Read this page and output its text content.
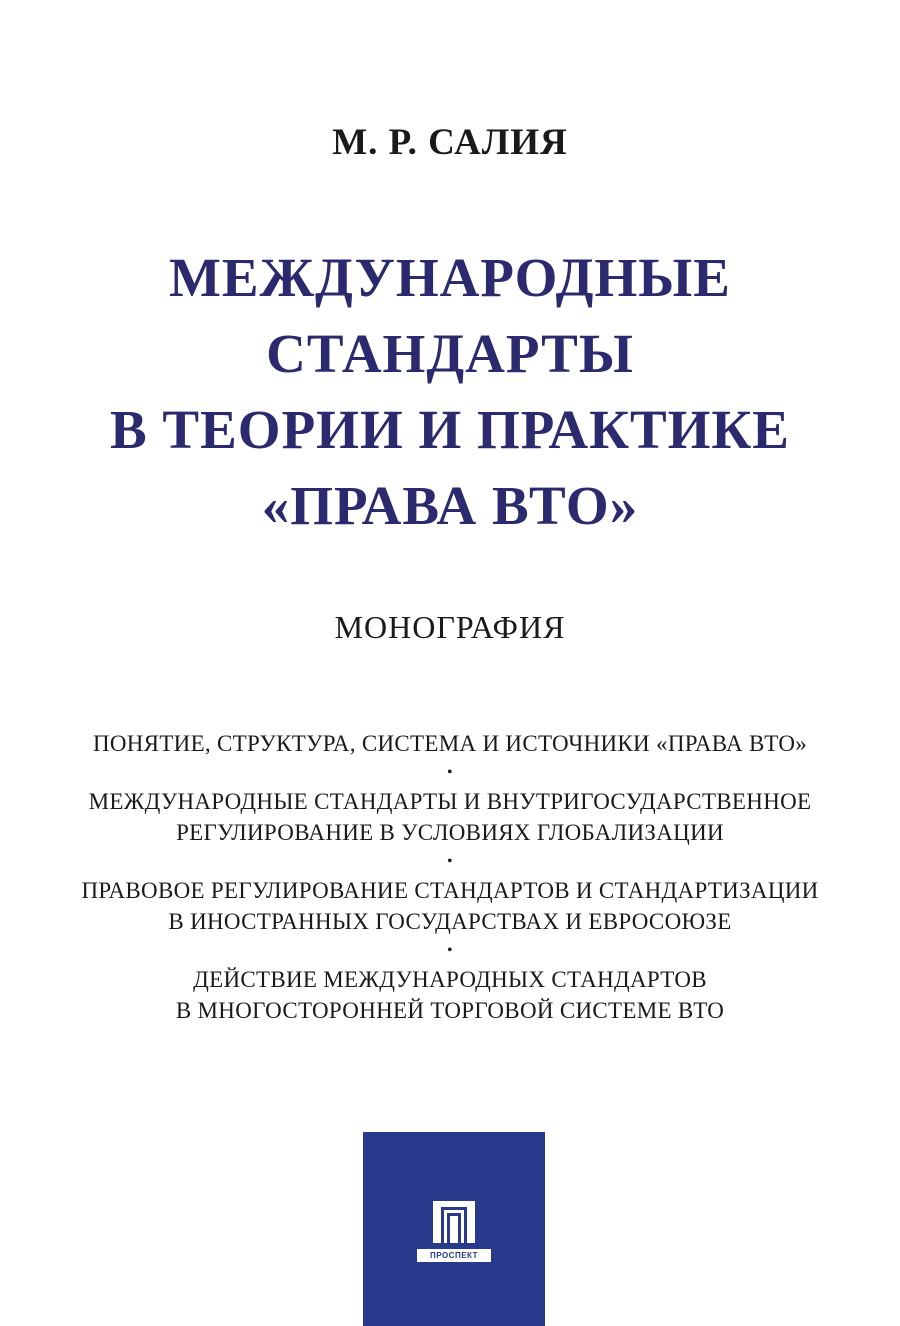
М. Р. САЛИЯ
МЕЖДУНАРОДНЫЕ
СТАНДАРТЫ
В ТЕОРИИ И ПРАКТИКЕ
«ПРАВА ВТО»
МОНОГРАФИЯ
ПОНЯТИЕ, СТРУКТУРА, СИСТЕМА И ИСТОЧНИКИ «ПРАВА ВТО»
•
МЕЖДУНАРОДНЫЕ СТАНДАРТЫ И ВНУТРИГОСУДАРСТВЕННОЕ
РЕГУЛИРОВАНИЕ В УСЛОВИЯХ ГЛОБАЛИЗАЦИИ
•
ПРАВОВОЕ РЕГУЛИРОВАНИЕ СТАНДАРТОВ И СТАНДАРТИЗАЦИИ
В ИНОСТРАННЫХ ГОСУДАРСТВАХ И ЕВРОСОЮЗЕ
•
ДЕЙСТВИЕ МЕЖДУНАРОДНЫХ СТАНДАРТОВ
В МНОГОСТОРОННЕЙ ТОРГОВОЙ СИСТЕМЕ ВТО
ПРОСПЕКТ
